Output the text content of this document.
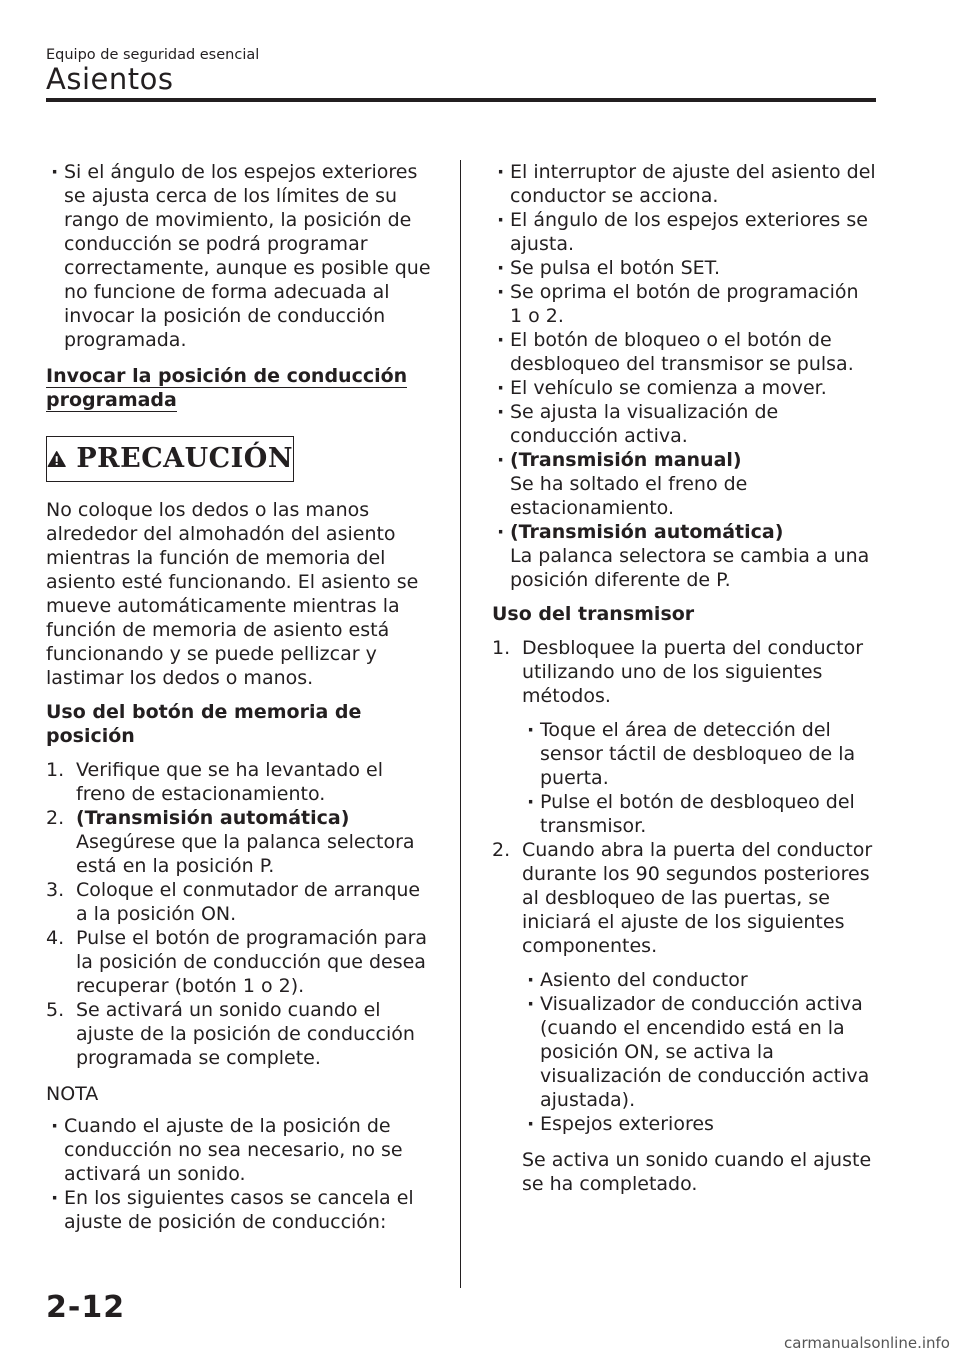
Equipo de seguridad esencial
Asientos

· Si el ángulo de los espejos exteriores se ajusta cerca de los límites de su rango de movimiento, la posición de conducción se podrá programar correctamente, aunque es posible que no funcione de forma adecuada al invocar la posición de conducción programada.

Invocar la posición de conducción
programada
PRECAUCIÓN

No coloque los dedos o las manos alrededor del almohadón del asiento mientras la función de memoria del asiento esté funcionando. El asiento se mueve automáticamente mientras la función de memoria de asiento está funcionando y se puede pellizcar y lastimar los dedos o manos.

Uso del botón de memoria de posición

1. Verifique que se ha levantado el freno de estacionamiento.

2. (Transmisión automática)
Asegúrese que la palanca selectora está en la posición P.

3. Coloque el conmutador de arranque a la posición ON.

4. Pulse el botón de programación para la posición de conducción que desea recuperar (botón 1 o 2).

5. Se activará un sonido cuando el ajuste de la posición de conducción programada se complete.

NOTA

· Cuando el ajuste de la posición de conducción no sea necesario, no se activará un sonido.

· En los siguientes casos se cancela el ajuste de posición de conducción:

· El interruptor de ajuste del asiento del conductor se acciona.

· El ángulo de los espejos exteriores se ajusta.

· Se pulsa el botón SET.

· Se oprima el botón de programación 1 o 2.

· El botón de bloqueo o el botón de desbloqueo del transmisor se pulsa.

· El vehículo se comienza a mover.

· Se ajusta la visualización de conducción activa.

· (Transmisión manual)
Se ha soltado el freno de estacionamiento.

· (Transmisión automática)
La palanca selectora se cambia a una posición diferente de P.

Uso del transmisor

1. Desbloquee la puerta del conductor utilizando uno de los siguientes métodos.

· Toque el área de detección del sensor táctil de desbloqueo de la puerta.

· Pulse el botón de desbloqueo del transmisor.

2. Cuando abra la puerta del conductor durante los 90 segundos posteriores al desbloqueo de las puertas, se iniciará el ajuste de los siguientes componentes.

· Asiento del conductor

· Visualizador de conducción activa (cuando el encendido está en la posición ON, se activa la visualización de conducción activa ajustada).

· Espejos exteriores

Se activa un sonido cuando el ajuste se ha completado.

2-12
carmanualsonline.info
